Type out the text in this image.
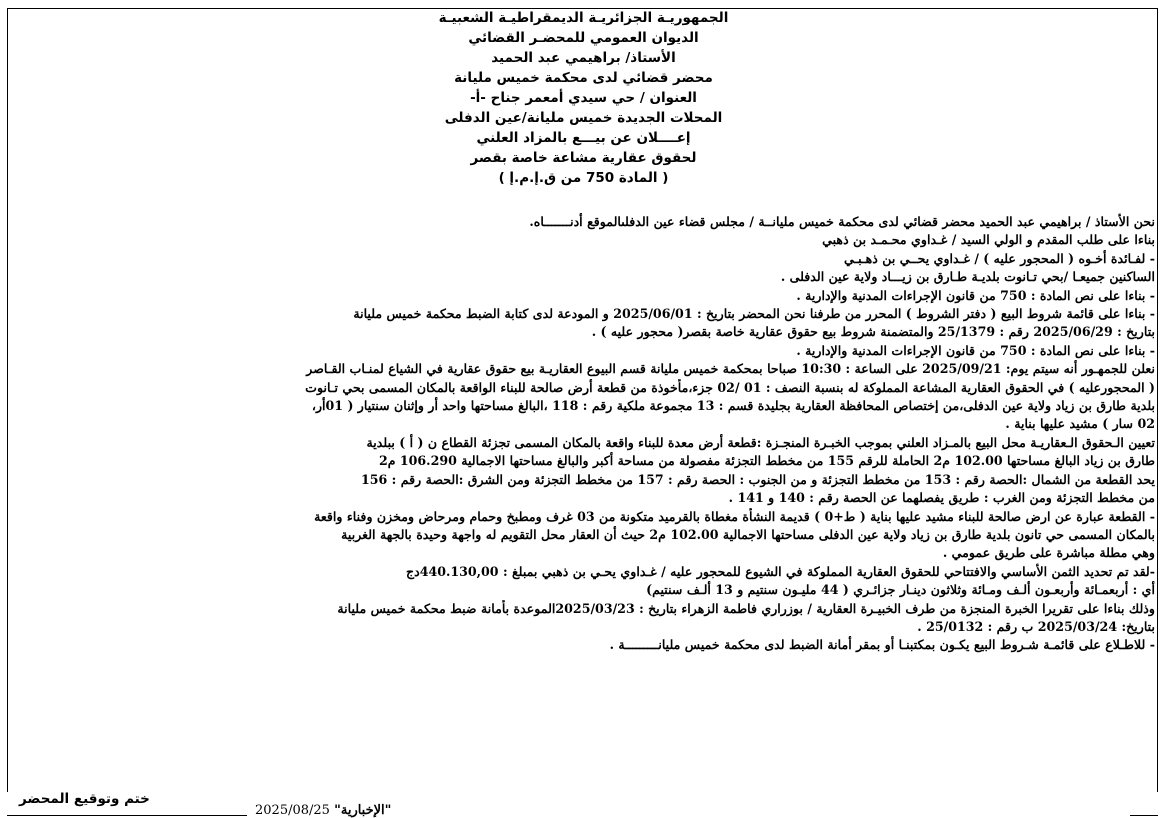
الجمهوريـة الجزائريـة الديمقراطيـة الشعبيـة
الديوان العمومي للمحضـر القضائي
الأستاذ/ براهيمي عبد الحميد
محضر قضائي لدى محكمة خميس مليانة
العنوان / حي سيدي أمعمر جناح -أ-
المحلات الجديدة خميس مليانة/عين الدفلى
إعــــلان عن بيـــع بالمزاد العلني
لحقوق عقارية مشاعة خاصة بقصر
( المادة 750 من ق.إ.م.إ )
نحن الأستاذ / براهيمي عبد الحميد محضر قضائي لدى محكمة خميس مليانــة / مجلس قضاء عين الدفلىالموقع أدنـــــــاه.
بناءا على طلب المقدم و الولي السيد / غـداوي محـمـد بن ذهبي
- لفـائدة أخـوه ( المحجور عليه ) / غـداوي يحــي بن ذهـبـي
الساكنين جميعـا /بحي تـانوت بلديـة طـارق بن زيـــاد ولاية عين الدفلى .
- بناءا على نص المادة : 750 من قانون الإجراءات المدنية والإدارية .
- بناءا على قائمة شروط البيع ( دفتر الشروط ) المحرر من طرفنا نحن المحضر بتاريخ : 2025/06/01 و المودعة لدى كتابة الضبط محكمة خميس مليانة
بتاريخ : 2025/06/29 رقم : 25/1379 والمتضمنة شروط بيع حقوق عقارية خاصة بقصر( محجور عليه ) .
- بناءا على نص المادة : 750 من قانون الإجراءات المدنية والإدارية .
نعلن للجمهـور أنه سيتم يوم: 2025/09/21 على الساعة : 10:30 صباحا بمحكمة خميس مليانة قسم البيوع العقاريـة بيع حقوق عقارية في الشياع لمنـاب القـاصر
( المحجورعليه ) في الحقوق العقارية المشاعة المملوكة له بنسبة النصف : 01 /02 جزء،مأخوذة من قطعة أرض صالحة للبناء الواقعة بالمكان المسمى بحي تـانوت
بلدية طارق بن زياد ولاية عين الدفلى،من إختصاص المحافظة العقارية بجليدة قسم : 13 مجموعة ملكية رقم : 118 ،البالغ مساحتها واحد أر وإثنان سنتيار ( 01أر،
02 سار ) مشيد عليها بناية .
تعيين الـحقوق الـعقاريـة محل البيع بالمـزاد العلني بموجب الخبـرة المنجـزة :قطعة أرض معدة للبناء واقعة بالمكان المسمى تجزئة القطاع ن ( أ ) ببلدية
طارق بن زياد البالغ مساحتها 102.00 م2 الحاملة للرقم 155 من مخطط التجزئة مفصولة من مساحة أكبر والبالغ مساحتها الاجمالية 106.290 م2
يحد القطعة من الشمال :الحصة رقم : 153 من مخطط التجزئة و من الجنوب : الحصة رقم : 157 من مخطط التجزئة ومن الشرق :الحصة رقم : 156
من مخطط التجزئة ومن الغرب : طريق يفصلهما عن الحصة رقم : 140 و 141 .
- القطعة عبارة عن ارض صالحة للبناء مشيد عليها بناية ( ط+0 ) قديمة النشأة مغطاة بالقرميد متكونة من 03 غرف ومطبخ وحمام ومرحاض ومخزن وفناء واقعة
بالمكان المسمى حي تانون بلدية طارق بن زياد ولاية عين الدفلى مساحتها الاجمالية 102.00 م2 حيث أن العقار محل التقويم له واجهة وحيدة بالجهة الغربية
وهي مطلة مباشرة على طريق عمومي .
-لقد تم تحديد الثمن الأساسي والافتتاحي للحقوق العقارية المملوكة في الشيوع للمحجور عليه / غـداوي يحـي بن ذهبي بمبلغ : 440.130,00دج
أي : أربعمـائة وأربعـون ألـف ومـائة وثلاثون دينـار جزائـري ( 44 مليـون سنتيم و 13 ألـف سنتيم)
وذلك بناءا على تقريرا الخبرة المنجزة من طرف الخبيـرة العقارية / بوزراري فاطمة الزهراء بتاريخ : 2025/03/23الموعدة بأمانة ضبط محكمة خميس مليانة
بتاريخ: 2025/03/24 ب رقم : 25/0132 .
- للاطـلاع على قائمـة شـروط البيع يكـون بمكتبنـا أو بمقر أمانة الضبط لدى محكمة خميس مليانـــــــــة .
ختم وتوقيع المحضر
"الإخبارية" 2025/08/25
